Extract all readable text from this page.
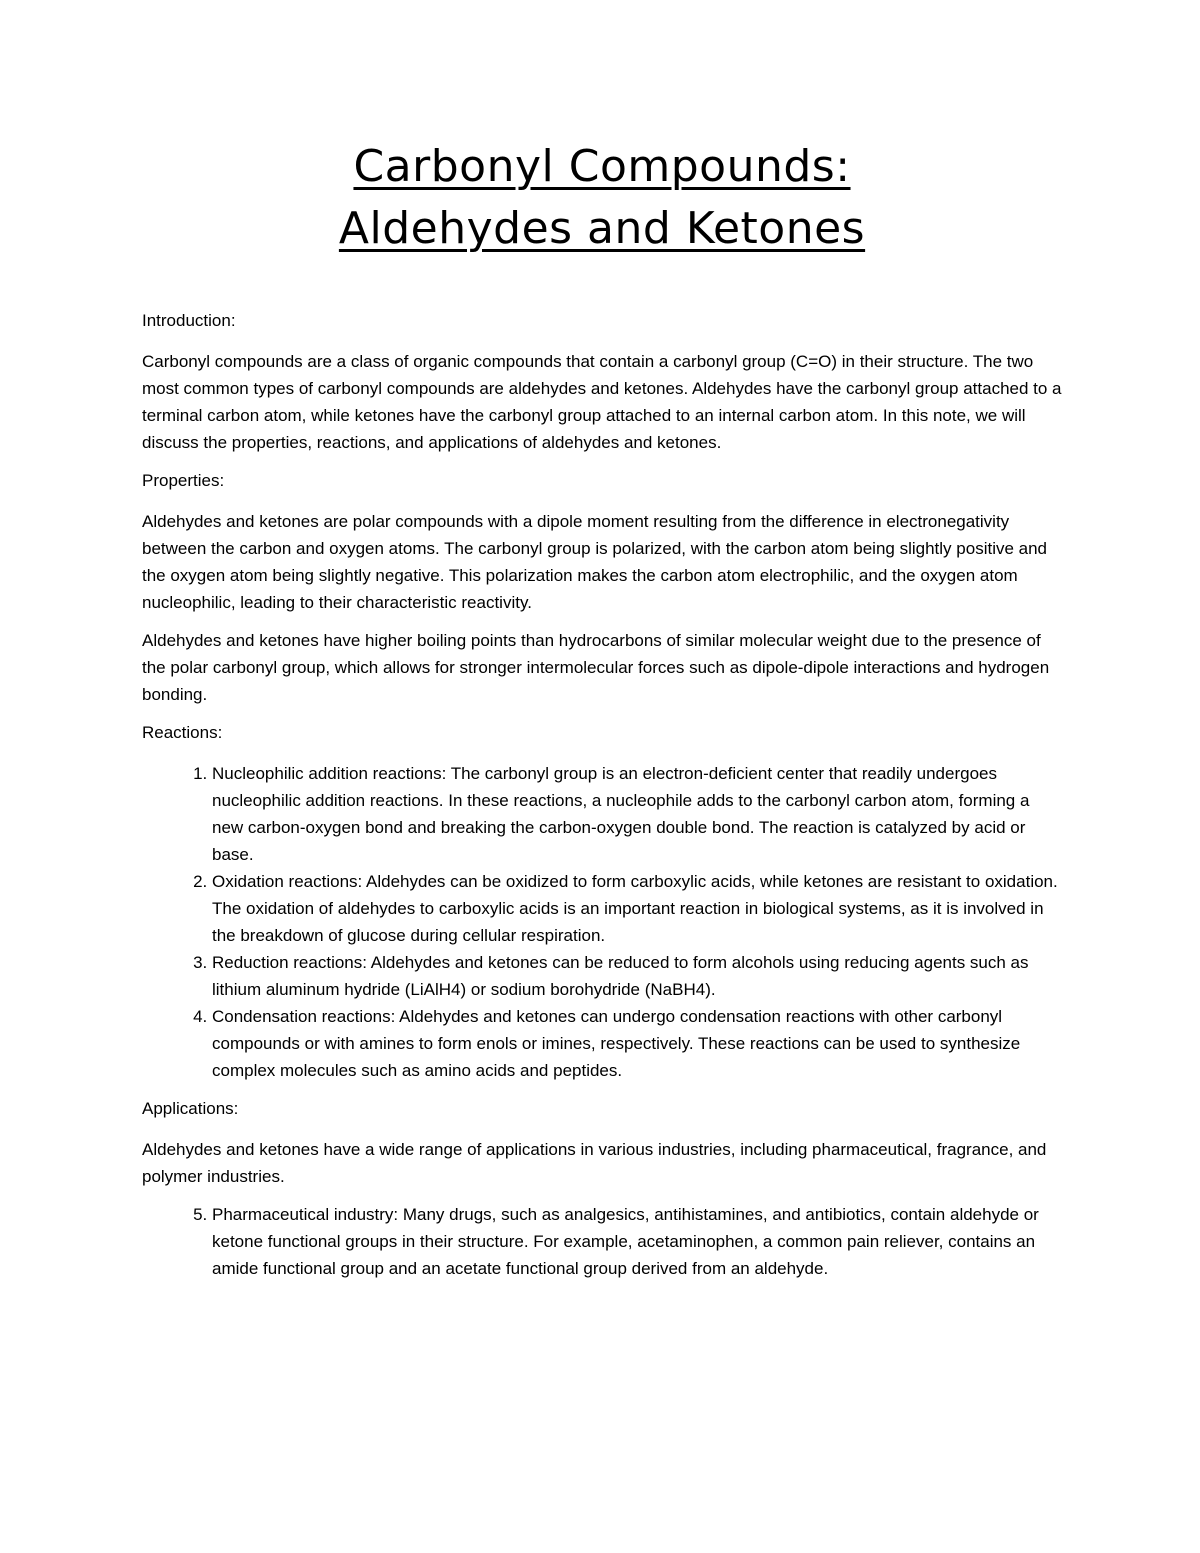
Carbonyl Compounds:
Aldehydes and Ketones

Introduction:

Carbonyl compounds are a class of organic compounds that contain a carbonyl group (C=O) in their structure. The two most common types of carbonyl compounds are aldehydes and ketones. Aldehydes have the carbonyl group attached to a terminal carbon atom, while ketones have the carbonyl group attached to an internal carbon atom. In this note, we will discuss the properties, reactions, and applications of aldehydes and ketones.

Properties:

Aldehydes and ketones are polar compounds with a dipole moment resulting from the difference in electronegativity between the carbon and oxygen atoms. The carbonyl group is polarized, with the carbon atom being slightly positive and the oxygen atom being slightly negative. This polarization makes the carbon atom electrophilic, and the oxygen atom nucleophilic, leading to their characteristic reactivity.

Aldehydes and ketones have higher boiling points than hydrocarbons of similar molecular weight due to the presence of the polar carbonyl group, which allows for stronger intermolecular forces such as dipole-dipole interactions and hydrogen bonding.

Reactions:

1. Nucleophilic addition reactions: The carbonyl group is an electron-deficient center that readily undergoes nucleophilic addition reactions. In these reactions, a nucleophile adds to the carbonyl carbon atom, forming a new carbon-oxygen bond and breaking the carbon-oxygen double bond. The reaction is catalyzed by acid or base.
2. Oxidation reactions: Aldehydes can be oxidized to form carboxylic acids, while ketones are resistant to oxidation. The oxidation of aldehydes to carboxylic acids is an important reaction in biological systems, as it is involved in the breakdown of glucose during cellular respiration.
3. Reduction reactions: Aldehydes and ketones can be reduced to form alcohols using reducing agents such as lithium aluminum hydride (LiAlH4) or sodium borohydride (NaBH4).
4. Condensation reactions: Aldehydes and ketones can undergo condensation reactions with other carbonyl compounds or with amines to form enols or imines, respectively. These reactions can be used to synthesize complex molecules such as amino acids and peptides.

Applications:

Aldehydes and ketones have a wide range of applications in various industries, including pharmaceutical, fragrance, and polymer industries.

5. Pharmaceutical industry: Many drugs, such as analgesics, antihistamines, and antibiotics, contain aldehyde or ketone functional groups in their structure. For example, acetaminophen, a common pain reliever, contains an amide functional group and an acetate functional group derived from an aldehyde.
